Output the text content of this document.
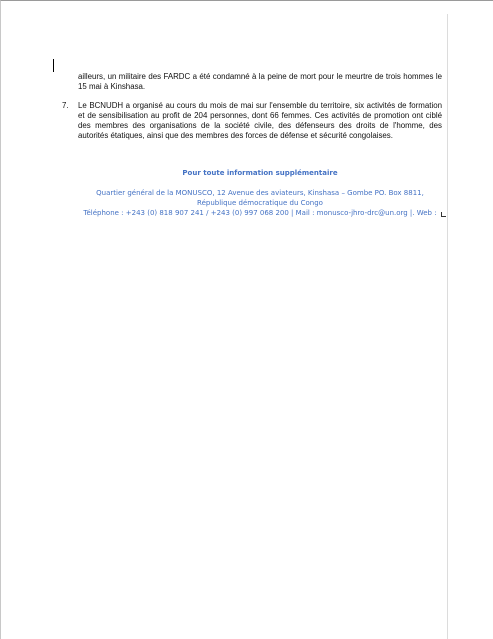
ailleurs, un militaire des FARDC a été condamné à la peine de mort pour le meurtre de trois hommes le 15 mai à Kinshasa.
7.	Le BCNUDH a organisé au cours du mois de mai sur l'ensemble du territoire, six activités de formation et de sensibilisation au profit de 204 personnes, dont 66 femmes. Ces activités de promotion ont ciblé des membres des organisations de la société civile, des défenseurs des droits de l'homme, des autorités étatiques, ainsi que des membres des forces de défense et sécurité congolaises.
Pour toute information supplémentaire
Quartier général de la MONUSCO, 12 Avenue des aviateurs, Kinshasa – Gombe PO. Box 8811, République démocratique du Congo
Téléphone : +243 (0) 818 907 241 / +243 (0) 997 068 200 | Mail : monusco-jhro-drc@un.org |. Web :
